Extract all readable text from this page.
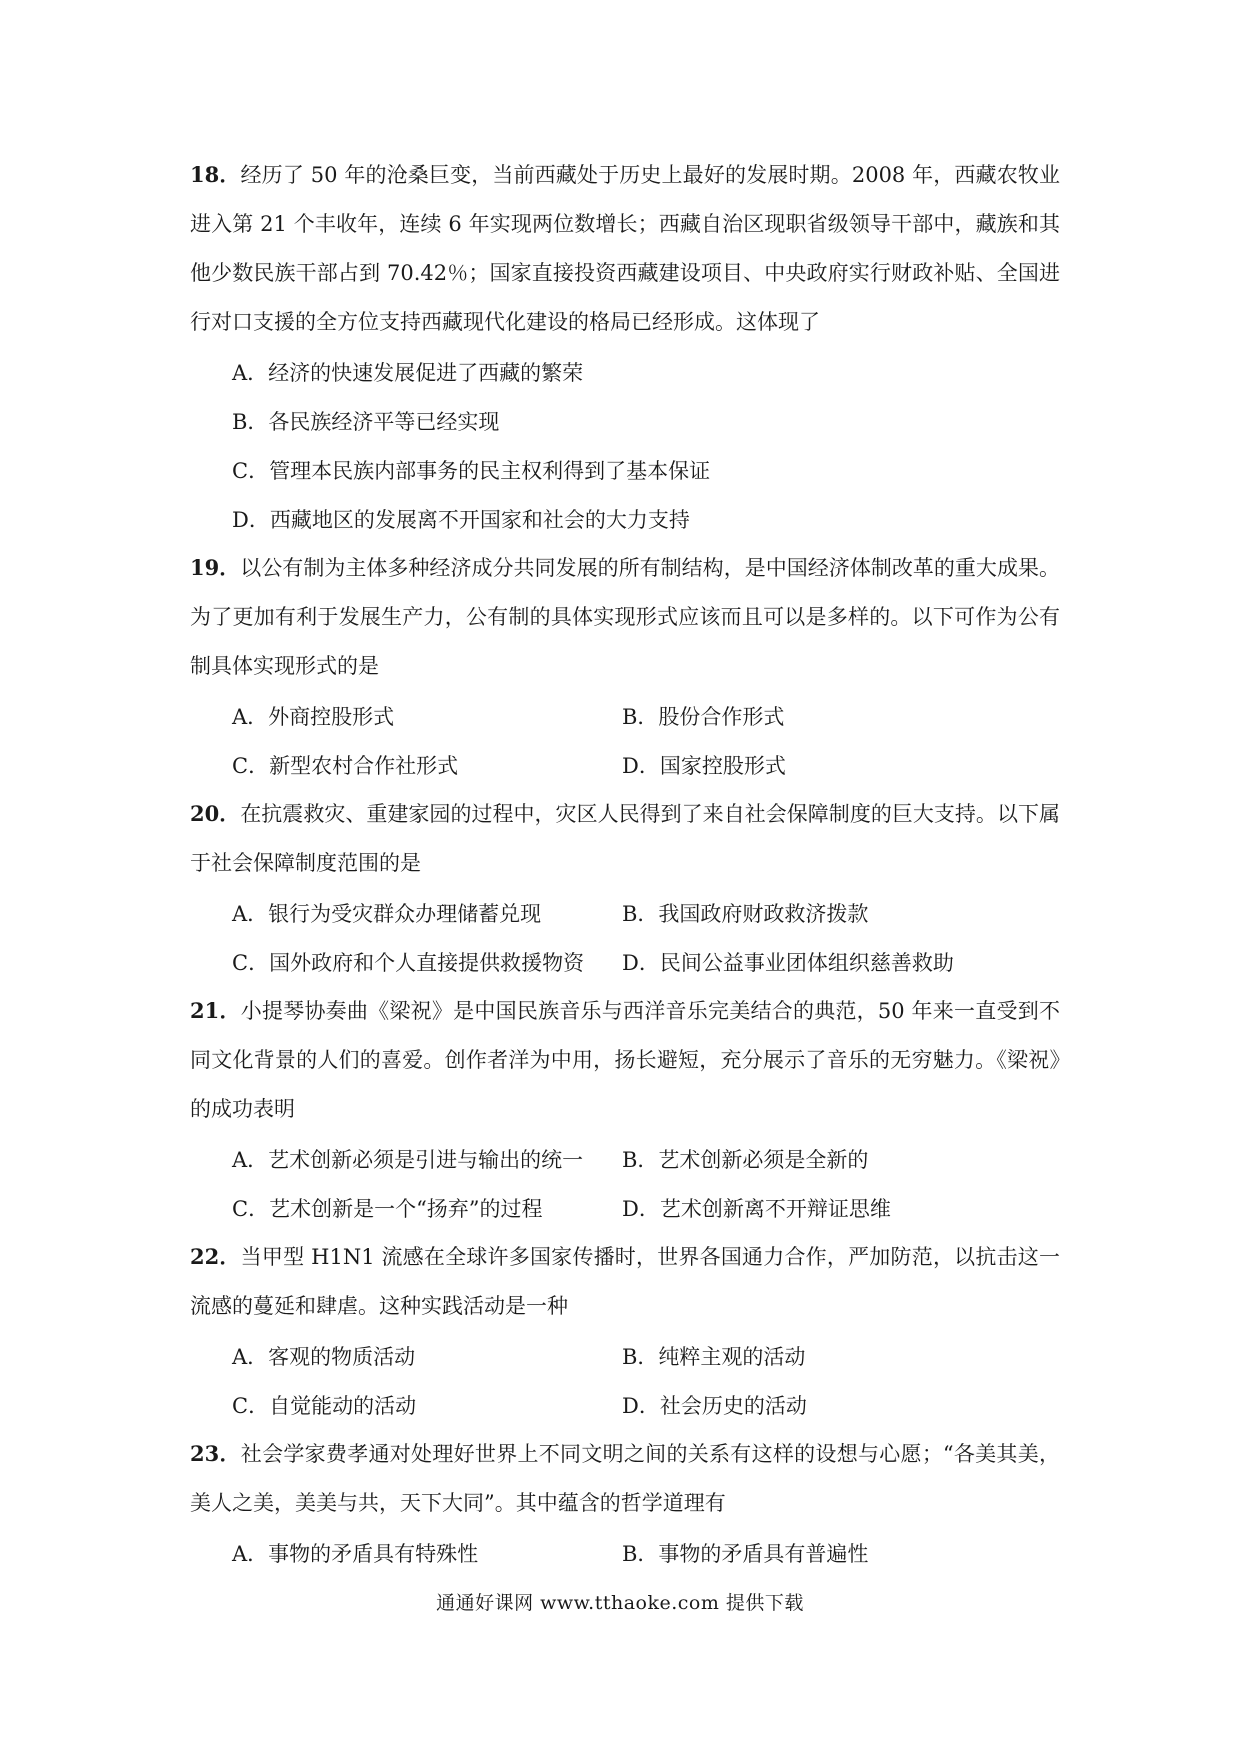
18．经历了 50 年的沧桑巨变，当前西藏处于历史上最好的发展时期。2008 年，西藏农牧业进入第 21 个丰收年，连续 6 年实现两位数增长；西藏自治区现职省级领导干部中，藏族和其他少数民族干部占到 70.42％；国家直接投资西藏建设项目、中央政府实行财政补贴、全国进行对口支援的全方位支持西藏现代化建设的格局已经形成。这体现了

A．经济的快速发展促进了西藏的繁荣
B．各民族经济平等已经实现
C．管理本民族内部事务的民主权利得到了基本保证
D．西藏地区的发展离不开国家和社会的大力支持

19．以公有制为主体多种经济成分共同发展的所有制结构，是中国经济体制改革的重大成果。为了更加有利于发展生产力，公有制的具体实现形式应该而且可以是多样的。以下可作为公有制具体实现形式的是

A．外商控股形式	B．股份合作形式
C．新型农村合作社形式	D．国家控股形式

20．在抗震救灾、重建家园的过程中，灾区人民得到了来自社会保障制度的巨大支持。以下属于社会保障制度范围的是

A．银行为受灾群众办理储蓄兑现	B．我国政府财政救济拨款
C．国外政府和个人直接提供救援物资	D．民间公益事业团体组织慈善救助

21．小提琴协奏曲《梁祝》是中国民族音乐与西洋音乐完美结合的典范，50 年来一直受到不同文化背景的人们的喜爱。创作者洋为中用，扬长避短，充分展示了音乐的无穷魅力。《梁祝》的成功表明

A．艺术创新必须是引进与输出的统一	B．艺术创新必须是全新的
C．艺术创新是一个“扬弃”的过程	D．艺术创新离不开辩证思维

22．当甲型 H1N1 流感在全球许多国家传播时，世界各国通力合作，严加防范，以抗击这一流感的蔓延和肆虐。这种实践活动是一种

A．客观的物质活动	B．纯粹主观的活动
C．自觉能动的活动	D．社会历史的活动

23．社会学家费孝通对处理好世界上不同文明之间的关系有这样的设想与心愿；“各美其美，美人之美，美美与共，天下大同”。其中蕴含的哲学道理有

A．事物的矛盾具有特殊性	B．事物的矛盾具有普遍性
通通好课网 www.tthaoke.com 提供下载
